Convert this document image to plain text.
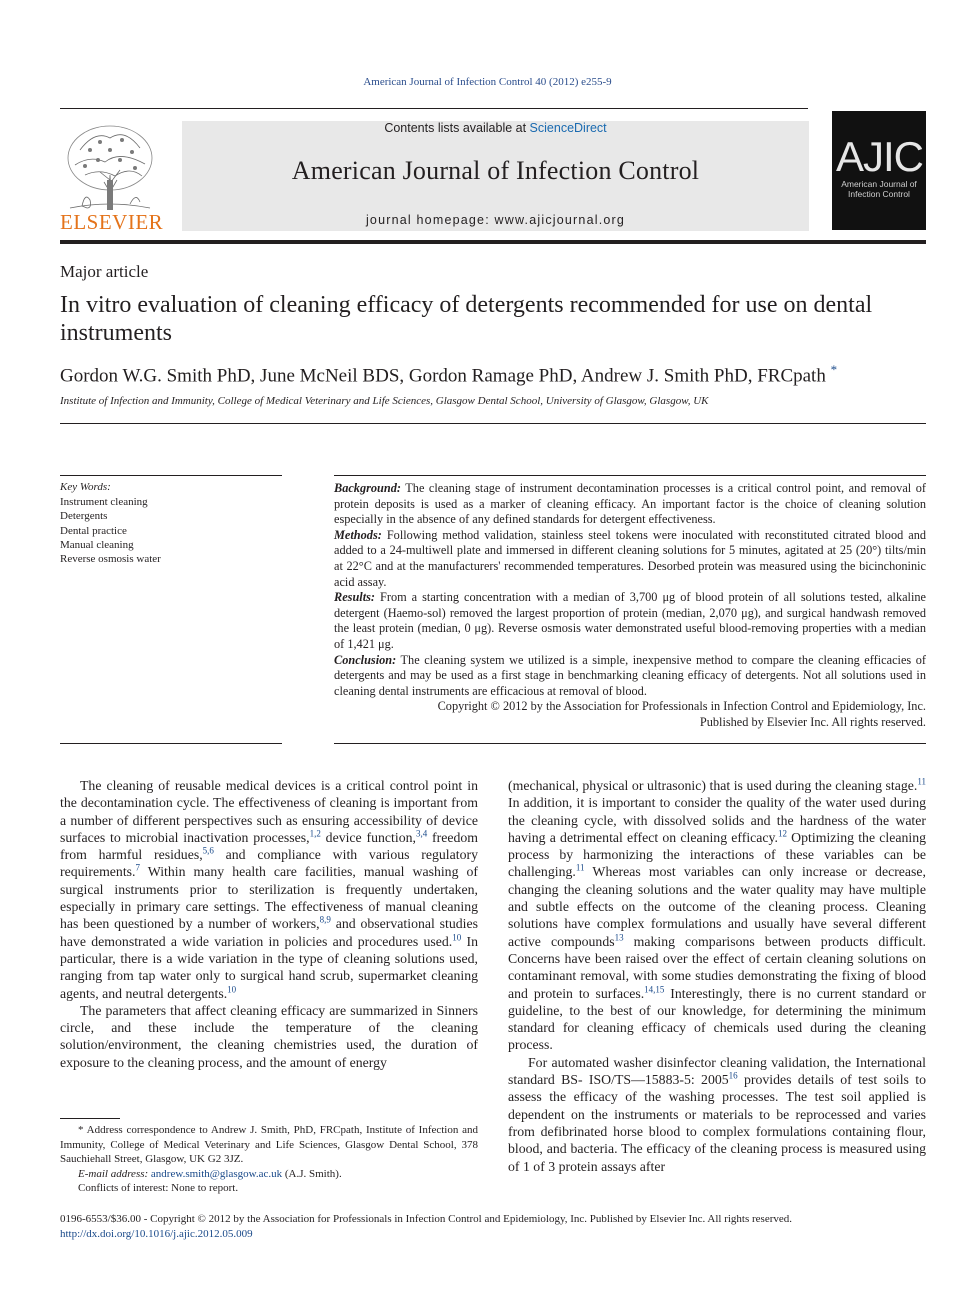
American Journal of Infection Control 40 (2012) e255-9
ELSEVIER
Contents lists available at ScienceDirect
American Journal of Infection Control
journal homepage: www.ajicjournal.org
AJIC
American Journal of Infection Control
Major article
In vitro evaluation of cleaning efficacy of detergents recommended for use on dental instruments
Gordon W.G. Smith PhD, June McNeil BDS, Gordon Ramage PhD, Andrew J. Smith PhD, FRCpath *
Institute of Infection and Immunity, College of Medical Veterinary and Life Sciences, Glasgow Dental School, University of Glasgow, Glasgow, UK
Key Words:
Instrument cleaning
Detergents
Dental practice
Manual cleaning
Reverse osmosis water

Background: The cleaning stage of instrument decontamination processes is a critical control point, and removal of protein deposits is used as a marker of cleaning efficacy. An important factor is the choice of cleaning solution especially in the absence of any defined standards for detergent effectiveness.

Methods: Following method validation, stainless steel tokens were inoculated with reconstituted citrated blood and added to a 24-multiwell plate and immersed in different cleaning solutions for 5 minutes, agitated at 25 (20°) tilts/min at 22°C and at the manufacturers' recommended temperatures. Desorbed protein was measured using the bicinchoninic acid assay.

Results: From a starting concentration with a median of 3,700 μg of blood protein of all solutions tested, alkaline detergent (Haemo-sol) removed the largest proportion of protein (median, 2,070 μg), and surgical handwash removed the least protein (median, 0 μg). Reverse osmosis water demonstrated useful blood-removing properties with a median of 1,421 μg.

Conclusion: The cleaning system we utilized is a simple, inexpensive method to compare the cleaning efficacies of detergents and may be used as a first stage in benchmarking cleaning efficacy of detergents. Not all solutions used in cleaning dental instruments are efficacious at removal of blood.

Copyright © 2012 by the Association for Professionals in Infection Control and Epidemiology, Inc.

Published by Elsevier Inc. All rights reserved.

The cleaning of reusable medical devices is a critical control point in the decontamination cycle. The effectiveness of cleaning is important from a number of different perspectives such as ensuring accessibility of device surfaces to microbial inactivation processes,$^{1,2}$ device function,$^{3,4}$ freedom from harmful residues,$^{5,6}$ and compliance with various regulatory requirements.$^7$ Within many health care facilities, manual washing of surgical instruments prior to sterilization is frequently undertaken, especially in primary care settings. The effectiveness of manual cleaning has been questioned by a number of workers,$^{8,9}$ and observational studies have demonstrated a wide variation in policies and procedures used.$^{10}$ In particular, there is a wide variation in the type of cleaning solutions used, ranging from tap water only to surgical hand scrub, supermarket cleaning agents, and neutral detergents.$^{10}$

The parameters that affect cleaning efficacy are summarized in Sinners circle, and these include the temperature of the cleaning solution/environment, the cleaning chemistries used, the duration of exposure to the cleaning process, and the amount of energy

(mechanical, physical or ultrasonic) that is used during the cleaning stage.$^{11}$ In addition, it is important to consider the quality of the water used during the cleaning cycle, with dissolved solids and the hardness of the water having a detrimental effect on cleaning efficacy.$^{12}$ Optimizing the cleaning process by harmonizing the interactions of these variables can be challenging.$^{11}$ Whereas most variables can only increase or decrease, changing the cleaning solutions and the water quality may have multiple and subtle effects on the outcome of the cleaning process. Cleaning solutions have complex formulations and usually have several different active compounds$^{13}$ making comparisons between products difficult. Concerns have been raised over the effect of certain cleaning solutions on contaminant removal, with some studies demonstrating the fixing of blood and protein to surfaces.$^{14,15}$ Interestingly, there is no current standard or guideline, to the best of our knowledge, for determining the minimum standard for cleaning efficacy of chemicals used during the cleaning process.

For automated washer disinfector cleaning validation, the International standard BS- ISO/TS—15883-5: 2005$^{16}$ provides details of test soils to assess the efficacy of the washing processes. The test soil applied is dependent on the instruments or materials to be reprocessed and varies from defibrinated horse blood to complex formulations containing flour, blood, and bacteria. The efficacy of the cleaning process is measured using of 1 of 3 protein assays after

* Address correspondence to Andrew J. Smith, PhD, FRCpath, Institute of Infection and Immunity, College of Medical Veterinary and Life Sciences, Glasgow Dental School, 378 Sauchiehall Street, Glasgow, UK G2 3JZ.

E-mail address: andrew.smith@glasgow.ac.uk (A.J. Smith).

Conflicts of interest: None to report.

0196-6553/$36.00 - Copyright © 2012 by the Association for Professionals in Infection Control and Epidemiology, Inc. Published by Elsevier Inc. All rights reserved.
http://dx.doi.org/10.1016/j.ajic.2012.05.009
